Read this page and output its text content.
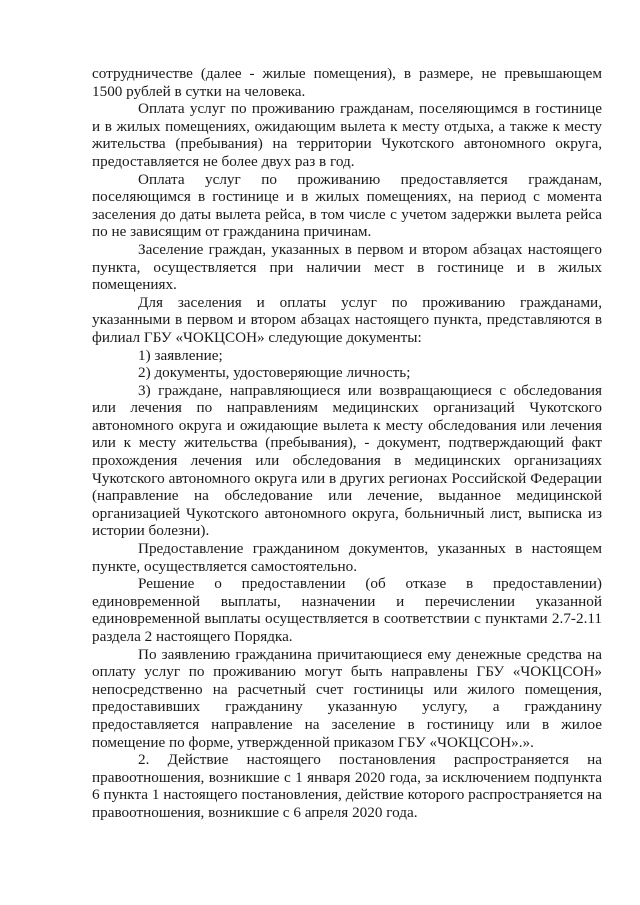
сотрудничестве (далее - жилые помещения), в размере, не превышающем 1500 рублей в сутки на человека.

Оплата услуг по проживанию гражданам, поселяющимся в гостинице и в жилых помещениях, ожидающим вылета к месту отдыха, а также к месту жительства (пребывания) на территории Чукотского автономного округа, предоставляется не более двух раз в год.

Оплата услуг по проживанию предоставляется гражданам, поселяющимся в гостинице и в жилых помещениях, на период с момента заселения до даты вылета рейса, в том числе с учетом задержки вылета рейса по не зависящим от гражданина причинам.

Заселение граждан, указанных в первом и втором абзацах настоящего пункта, осуществляется при наличии мест в гостинице и в жилых помещениях.

Для заселения и оплаты услуг по проживанию гражданами, указанными в первом и втором абзацах настоящего пункта, представляются в филиал ГБУ «ЧОКЦСОН» следующие документы:

1) заявление;

2) документы, удостоверяющие личность;

3) граждане, направляющиеся или возвращающиеся с обследования или лечения по направлениям медицинских организаций Чукотского автономного округа и ожидающие вылета к месту обследования или лечения или к месту жительства (пребывания), - документ, подтверждающий факт прохождения лечения или обследования в медицинских организациях Чукотского автономного округа или в других регионах Российской Федерации (направление на обследование или лечение, выданное медицинской организацией Чукотского автономного округа, больничный лист, выписка из истории болезни).

Предоставление гражданином документов, указанных в настоящем пункте, осуществляется самостоятельно.

Решение о предоставлении (об отказе в предоставлении) единовременной выплаты, назначении и перечислении указанной единовременной выплаты осуществляется в соответствии с пунктами 2.7-2.11 раздела 2 настоящего Порядка.

По заявлению гражданина причитающиеся ему денежные средства на оплату услуг по проживанию могут быть направлены ГБУ «ЧОКЦСОН» непосредственно на расчетный счет гостиницы или жилого помещения, предоставивших гражданину указанную услугу, а гражданину предоставляется направление на заселение в гостиницу или в жилое помещение по форме, утвержденной приказом ГБУ «ЧОКЦСОН».».

2. Действие настоящего постановления распространяется на правоотношения, возникшие с 1 января 2020 года, за исключением подпункта 6 пункта 1 настоящего постановления, действие которого распространяется на правоотношения, возникшие с 6 апреля 2020 года.
